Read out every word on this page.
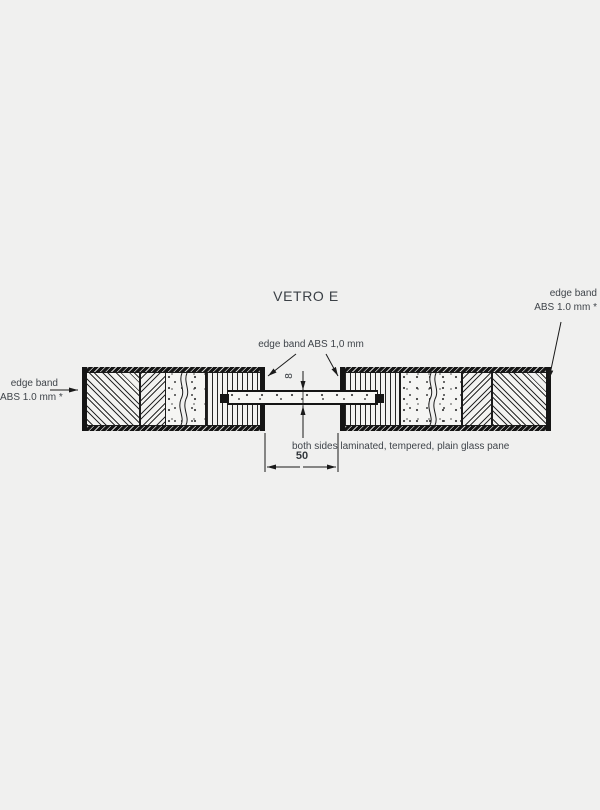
VETRO E
edge band
ABS 1.0 mm *
edge band
ABS 1.0 mm *
edge band ABS 1,0 mm
both sides laminated, tempered, plain glass pane
8
50
